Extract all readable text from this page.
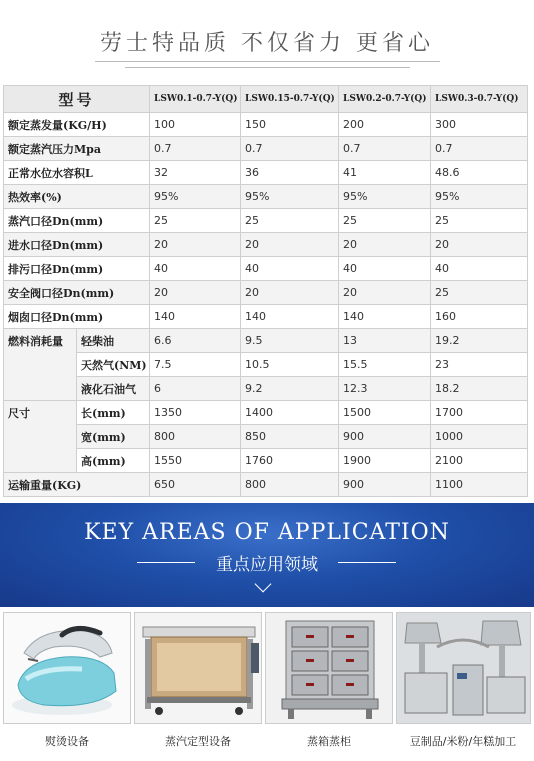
劳士特品质 不仅省力 更省心
型号		LSW0.1-0.7-Y(Q)	LSW0.15-0.7-Y(Q)	LSW0.2-0.7-Y(Q)	LSW0.3-0.7-Y(Q)
额定蒸发量(KG/H)		100	150	200	300
额定蒸汽压力Mpa		0.7	0.7	0.7	0.7
正常水位水容积L		32	36	41	48.6
热效率(%)		95%	95%	95%	95%
蒸汽口径Dn(mm)		25	25	25	25
进水口径Dn(mm)		20	20	20	20
排污口径Dn(mm)		40	40	40	40
安全阀口径Dn(mm)		20	20	20	25
烟囱口径Dn(mm)		140	140	140	160
燃料消耗量	轻柴油	6.6	9.5	13	19.2
	天然气(NM)	7.5	10.5	15.5	23
	液化石油气	6	9.2	12.3	18.2
尺寸	长(mm)	1350	1400	1500	1700
	宽(mm)	800	850	900	1000
	高(mm)	1550	1760	1900	2100
运输重量(KG)		650	800	900	1100
KEY AREAS OF APPLICATION
重点应用领域
熨烫设备	蒸汽定型设备	蒸箱蒸柜	豆制品/米粉/年糕加工
